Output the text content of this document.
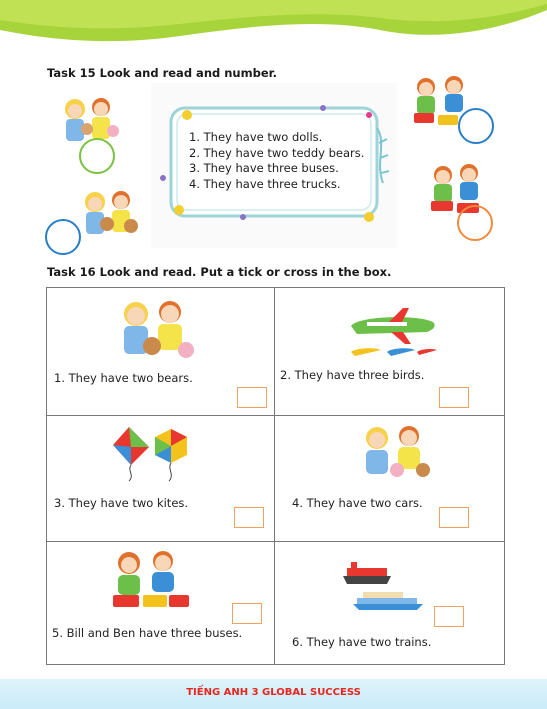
Task 15 Look and read and number.
1. They have two dolls.
2. They have two teddy bears.
3. They have three buses.
4. They have three trucks.
Task 16 Look and read. Put a tick or cross in the box.
1. They have two bears.	2. They have three birds.
3. They have two kites.	4. They have two cars.
5. Bill and Ben have three buses.
6. They have two trains.
TIẾNG ANH 3 GLOBAL SUCCESS
